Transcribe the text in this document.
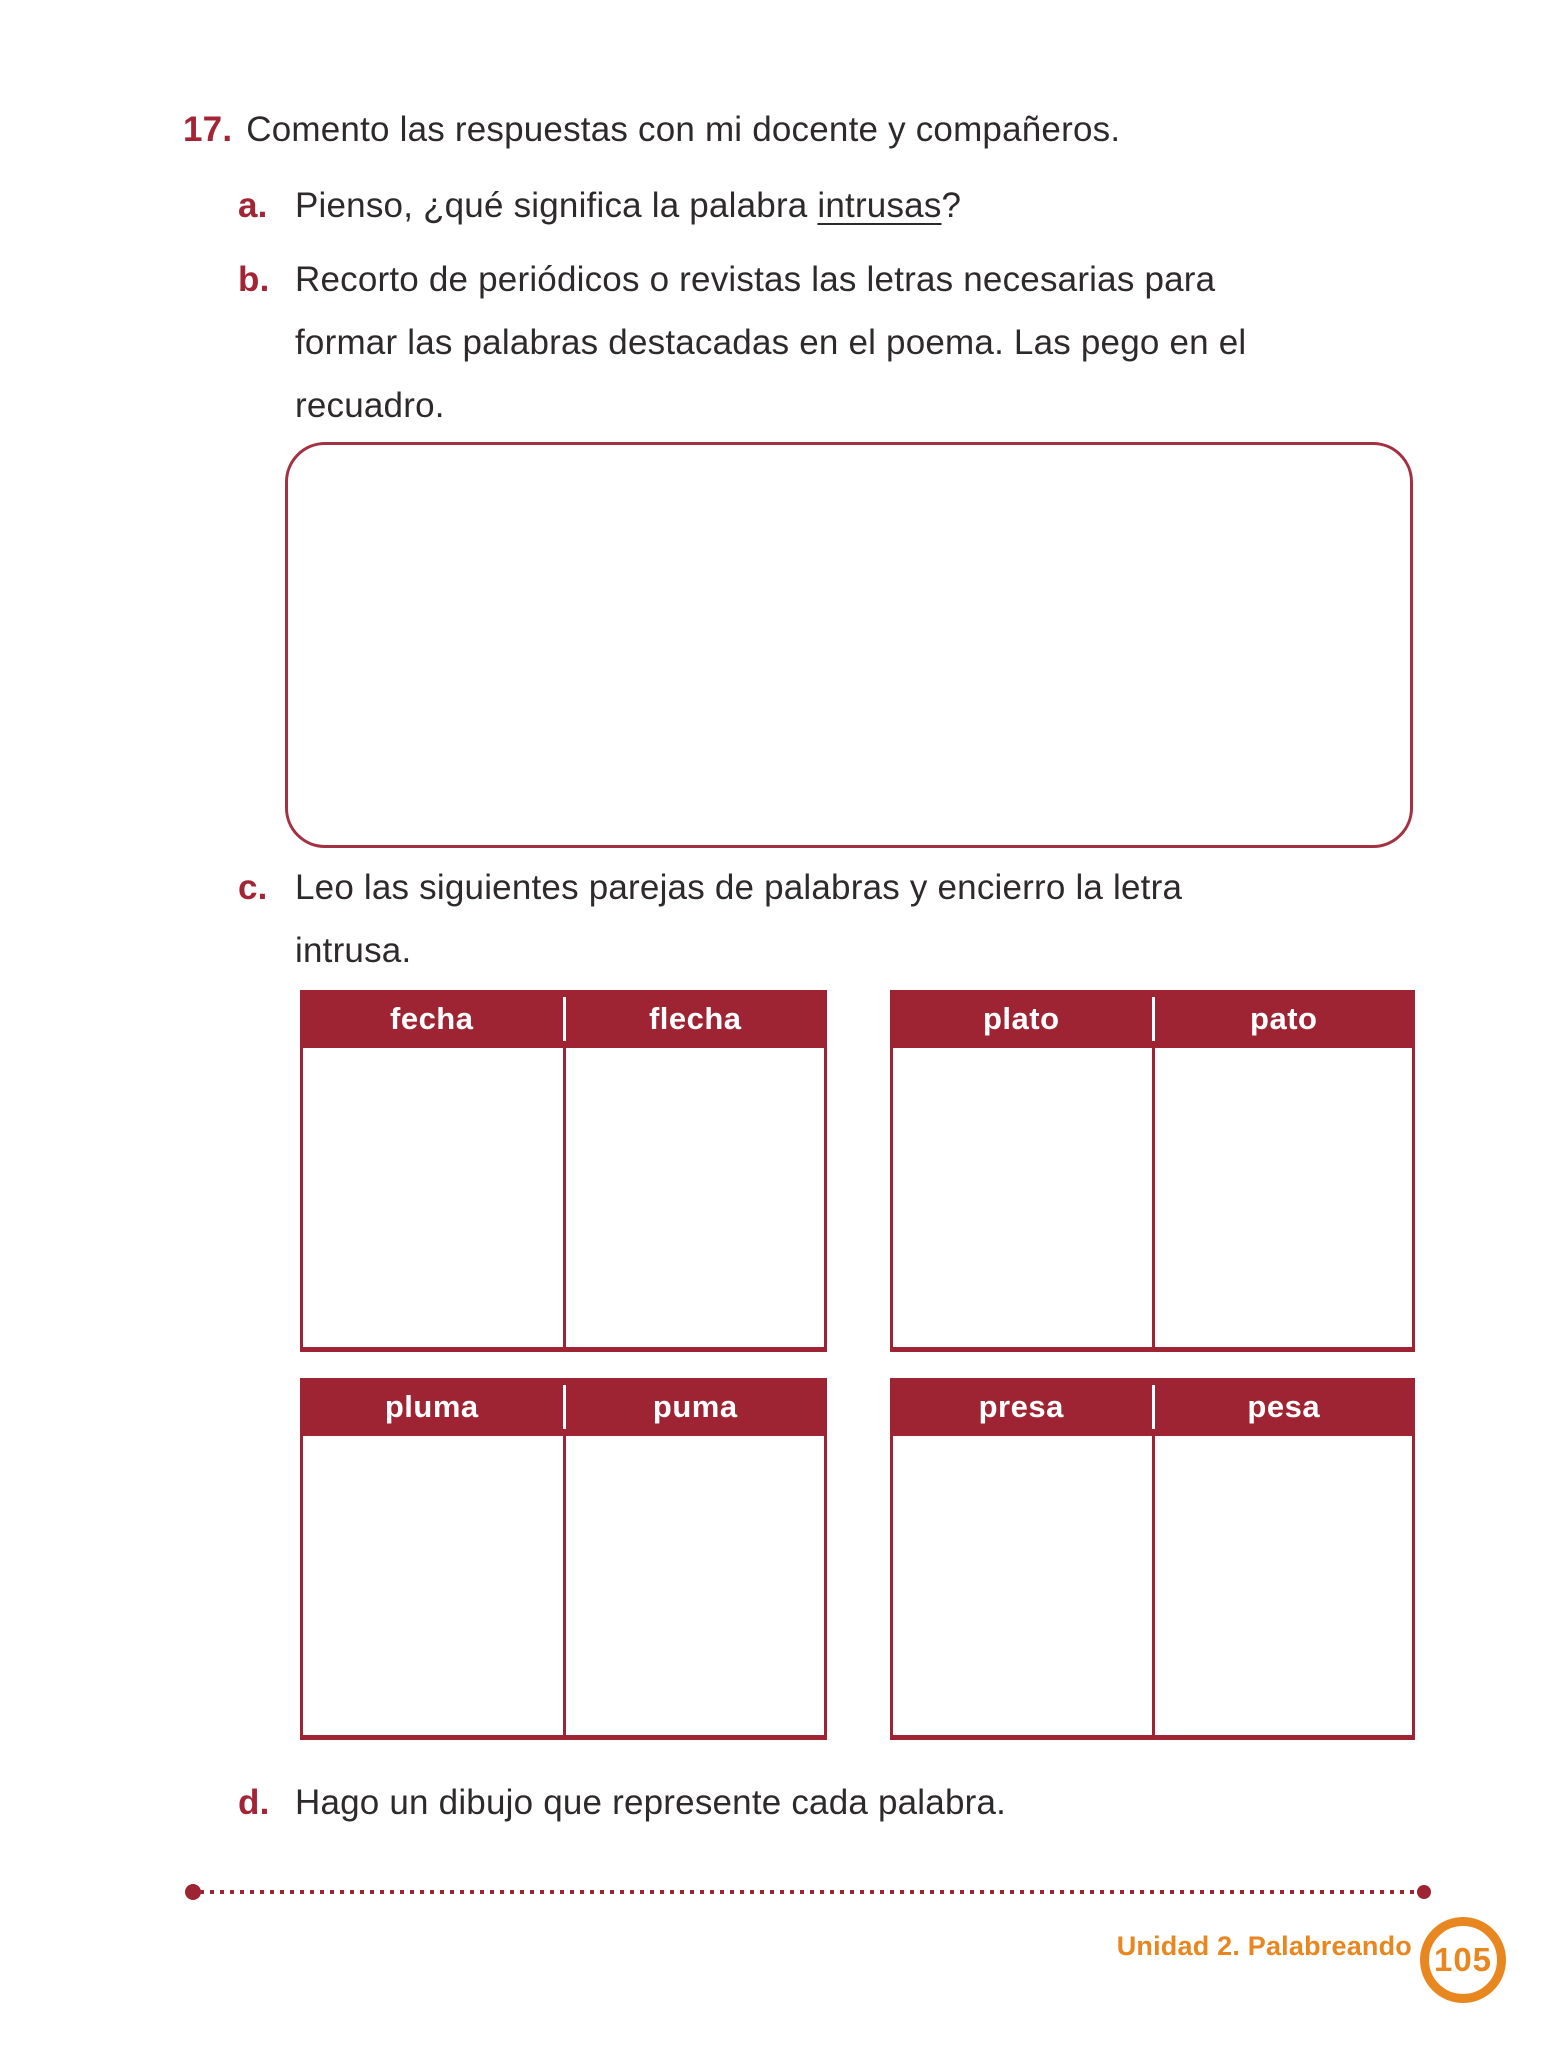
17. Comento las respuestas con mi docente y compañeros.
a. Pienso, ¿qué significa la palabra intrusas?
b. Recorto de periódicos o revistas las letras necesarias para
formar las palabras destacadas en el poema. Las pego en el
recuadro.
c. Leo las siguientes parejas de palabras y encierro la letra
intrusa.
fecha	flecha	plato	pato
pluma	puma	presa	pesa
d. Hago un dibujo que represente cada palabra.
Unidad 2. Palabreando 105
